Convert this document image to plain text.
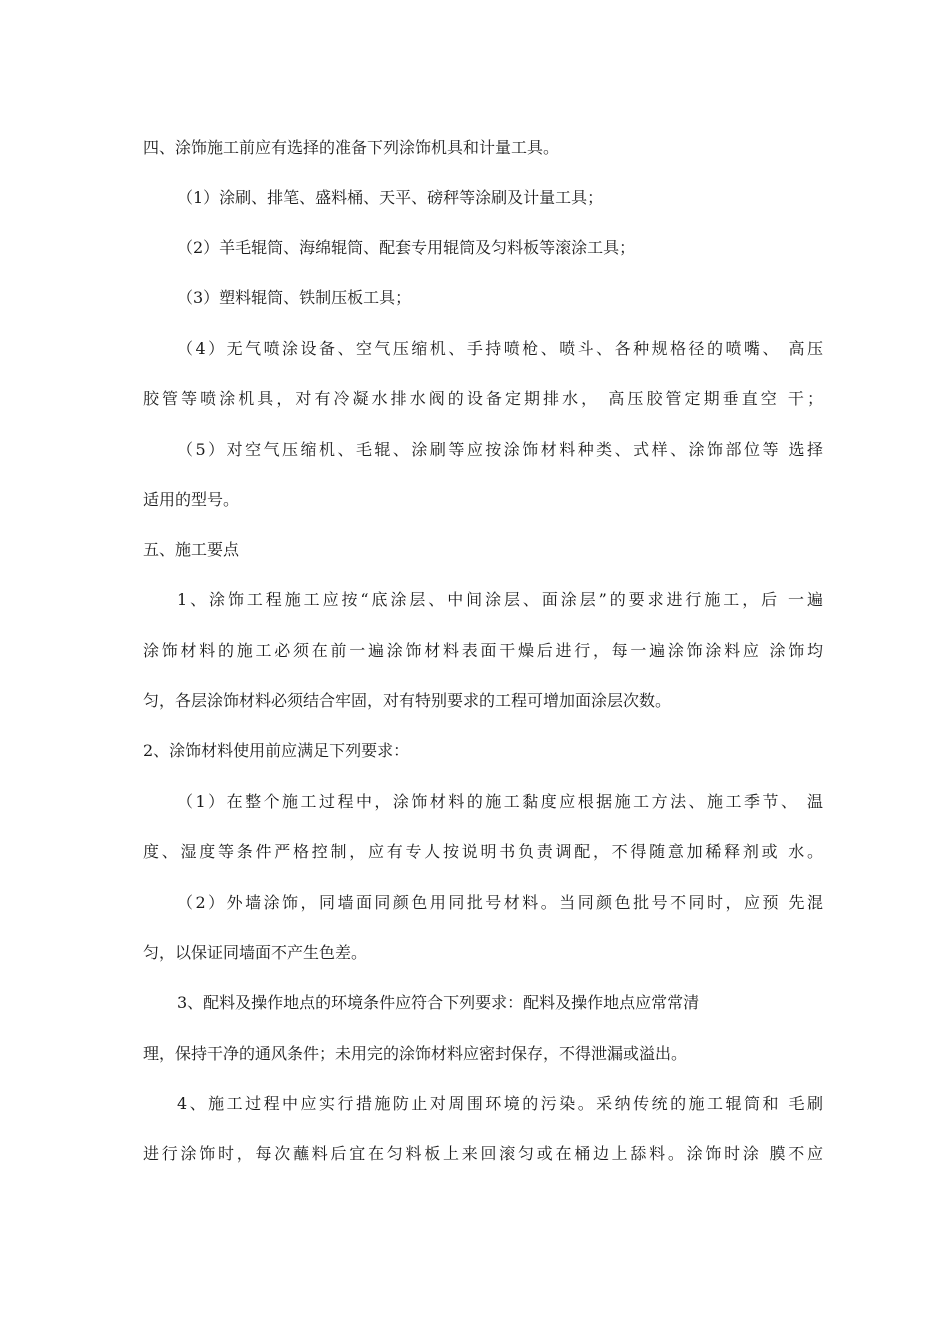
四、涂饰施工前应有选择的准备下列涂饰机具和计量工具。
（1）涂刷、排笔、盛料桶、天平、磅秤等涂刷及计量工具；
（2）羊毛辊筒、海绵辊筒、配套专用辊筒及匀料板等滚涂工具；
（3）塑料辊筒、铁制压板工具；
（4）无气喷涂设备、空气压缩机、手持喷枪、喷斗、各种规格径的喷嘴、 高压
胶管等喷涂机具，对有冷凝水排水阀的设备定期排水， 高压胶管定期垂直空 干；
（5）对空气压缩机、毛辊、涂刷等应按涂饰材料种类、式样、涂饰部位等 选择
适用的型号。
五、施工要点
1、涂饰工程施工应按“底涂层、中间涂层、面涂层”的要求进行施工，后 一遍
涂饰材料的施工必须在前一遍涂饰材料表面干燥后进行，每一遍涂饰涂料应 涂饰均
匀，各层涂饰材料必须结合牢固，对有特别要求的工程可增加面涂层次数。
2、涂饰材料使用前应满足下列要求：
（1）在整个施工过程中，涂饰材料的施工黏度应根据施工方法、施工季节、 温
度、湿度等条件严格控制，应有专人按说明书负责调配，不得随意加稀释剂或 水。
（2）外墙涂饰，同墙面同颜色用同批号材料。当同颜色批号不同时，应预 先混
匀，以保证同墙面不产生色差。
3、配料及操作地点的环境条件应符合下列要求：配料及操作地点应常常清
理，保持干净的通风条件；未用完的涂饰材料应密封保存，不得泄漏或溢出。
4、施工过程中应实行措施防止对周围环境的污染。采纳传统的施工辊筒和 毛刷
进行涂饰时，每次蘸料后宜在匀料板上来回滚匀或在桶边上舔料。涂饰时涂 膜不应
